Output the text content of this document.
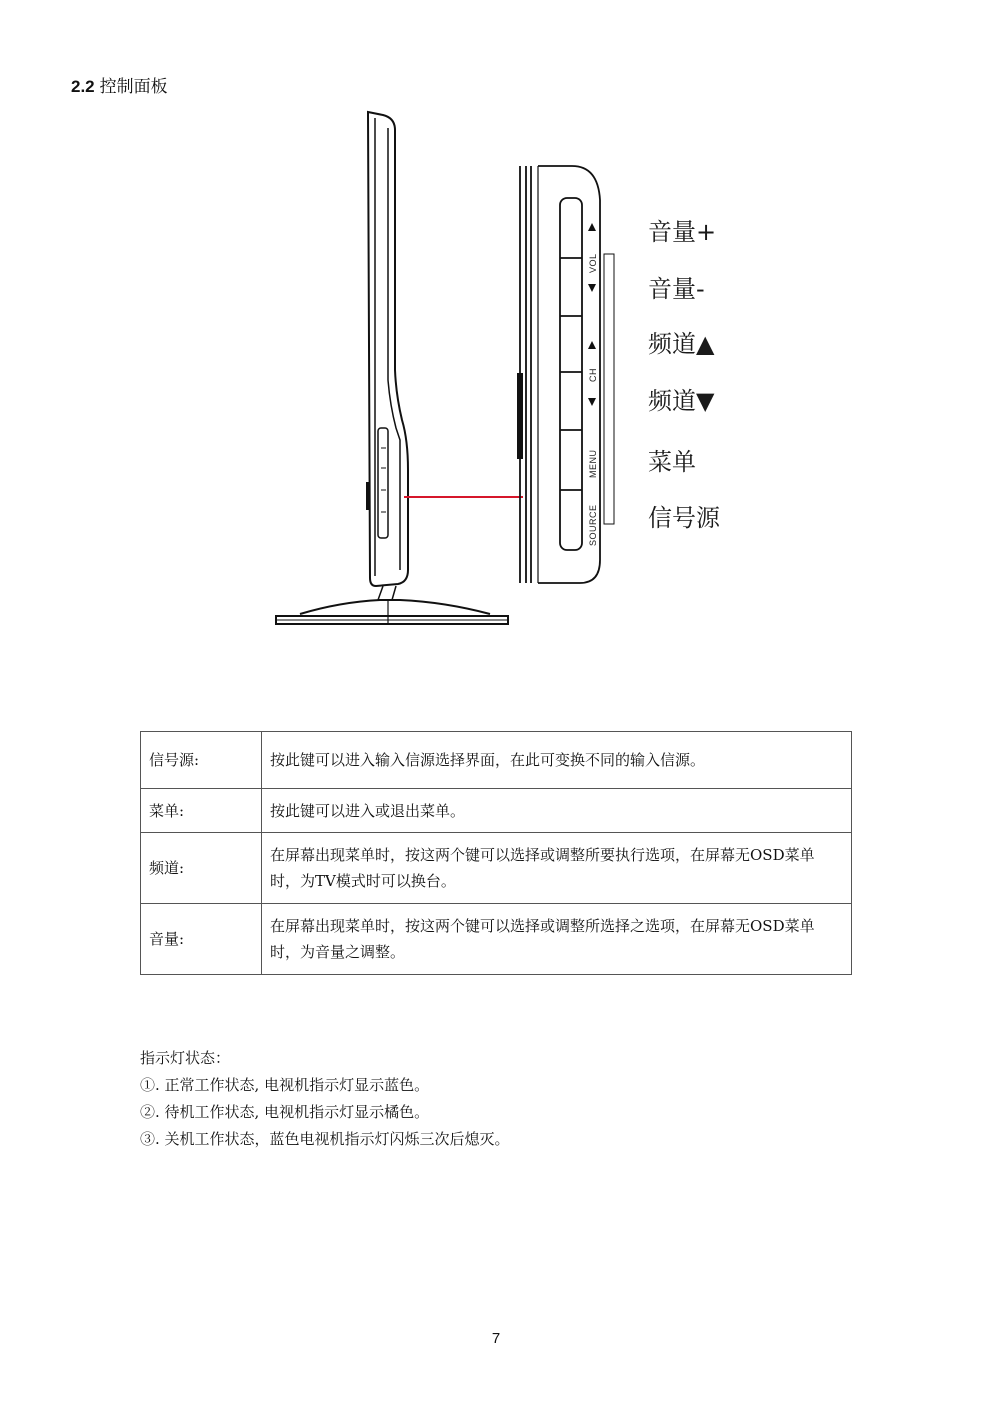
2.2 控制面板
VOL
CH
MENU
SOURCE
音量+
音量-
频道▲
频道▼
菜单
信号源
信号源:	按此键可以进入输入信源选择界面，在此可变换不同的输入信源。
菜单:	按此键可以进入或退出菜单。
频道:	在屏幕出现菜单时，按这两个键可以选择或调整所要执行选项，在屏幕无OSD菜单时，为TV模式时可以换台。
音量:	在屏幕出现菜单时，按这两个键可以选择或调整所选择之选项，在屏幕无OSD菜单时，为音量之调整。
指示灯状态：
①. 正常工作状态, 电视机指示灯显示蓝色。
②. 待机工作状态, 电视机指示灯显示橘色。
③. 关机工作状态，蓝色电视机指示灯闪烁三次后熄灭。
7
